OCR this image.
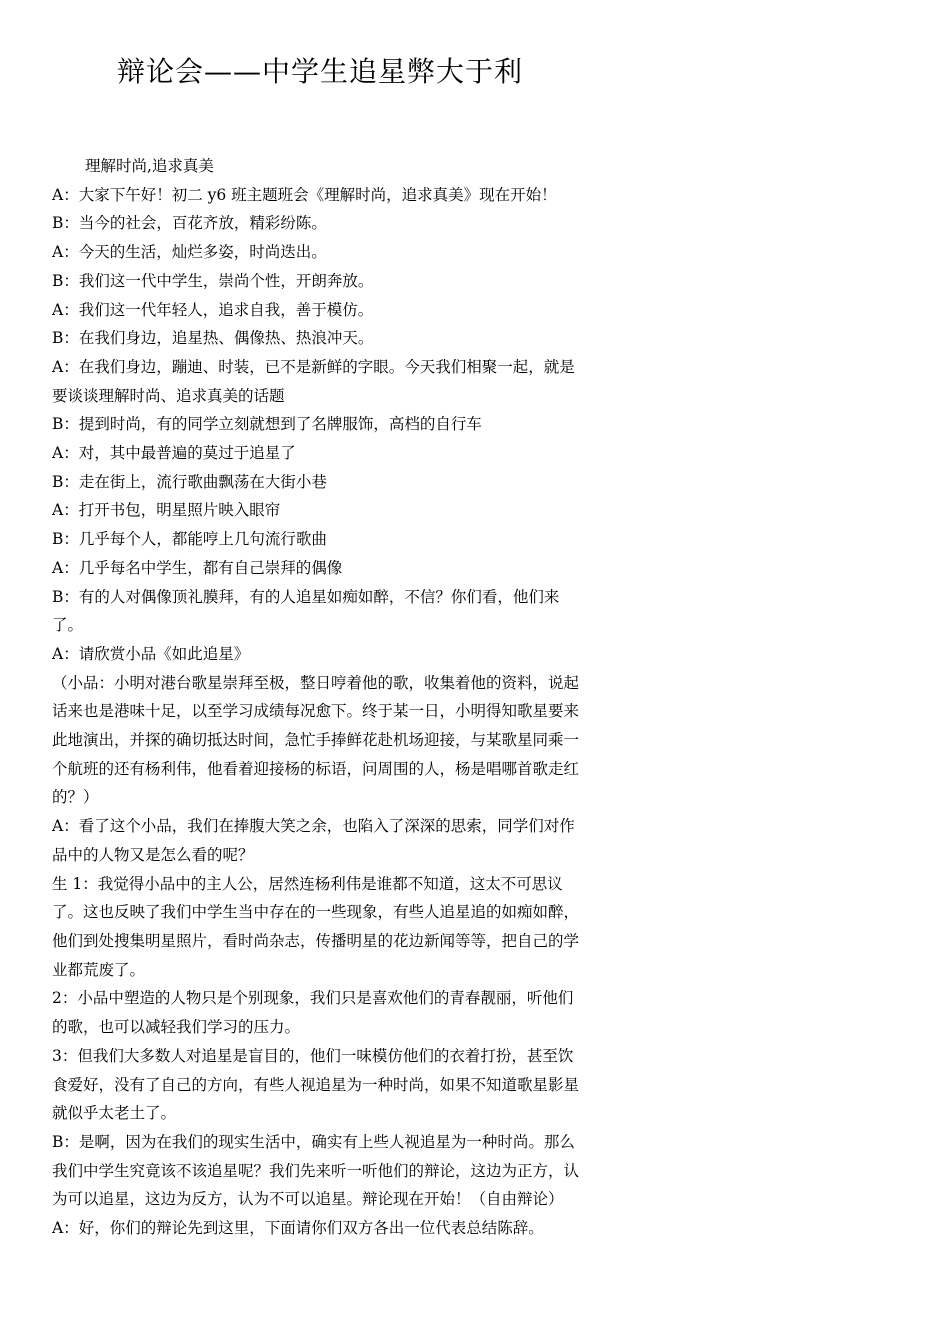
辩论会——中学生追星弊大于利

理解时尚,追求真美

A：大家下午好！初二 y6 班主题班会《理解时尚，追求真美》现在开始！

B：当今的社会，百花齐放，精彩纷陈。

A：今天的生活，灿烂多姿，时尚迭出。

B：我们这一代中学生，崇尚个性，开朗奔放。

A：我们这一代年轻人，追求自我，善于模仿。

B：在我们身边，追星热、偶像热、热浪冲天。

A：在我们身边，蹦迪、时装，已不是新鲜的字眼。今天我们相聚一起，就是要谈谈理解时尚、追求真美的话题

B：提到时尚，有的同学立刻就想到了名牌服饰，高档的自行车

A：对，其中最普遍的莫过于追星了

B：走在街上，流行歌曲飘荡在大街小巷

A：打开书包，明星照片映入眼帘

B：几乎每个人，都能哼上几句流行歌曲

A：几乎每名中学生，都有自己崇拜的偶像

B：有的人对偶像顶礼膜拜，有的人追星如痴如醉，不信？你们看，他们来了。

A：请欣赏小品《如此追星》

（小品：小明对港台歌星崇拜至极，整日哼着他的歌，收集着他的资料，说起话来也是港味十足，以至学习成绩每况愈下。终于某一日，小明得知歌星要来此地演出，并探的确切抵达时间，急忙手捧鲜花赴机场迎接，与某歌星同乘一个航班的还有杨利伟，他看着迎接杨的标语，问周围的人，杨是唱哪首歌走红的？）

A：看了这个小品，我们在捧腹大笑之余，也陷入了深深的思索，同学们对作品中的人物又是怎么看的呢？

生 1：我觉得小品中的主人公，居然连杨利伟是谁都不知道，这太不可思议了。这也反映了我们中学生当中存在的一些现象，有些人追星追的如痴如醉，他们到处搜集明星照片，看时尚杂志，传播明星的花边新闻等等，把自己的学业都荒废了。

2：小品中塑造的人物只是个别现象，我们只是喜欢他们的青春靓丽，听他们的歌，也可以减轻我们学习的压力。

3：但我们大多数人对追星是盲目的，他们一味模仿他们的衣着打扮，甚至饮食爱好，没有了自己的方向，有些人视追星为一种时尚，如果不知道歌星影星就似乎太老土了。

B：是啊，因为在我们的现实生活中，确实有上些人视追星为一种时尚。那么我们中学生究竟该不该追星呢？我们先来听一听他们的辩论，这边为正方，认为可以追星，这边为反方，认为不可以追星。辩论现在开始！（自由辩论）

A：好，你们的辩论先到这里，下面请你们双方各出一位代表总结陈辞。
